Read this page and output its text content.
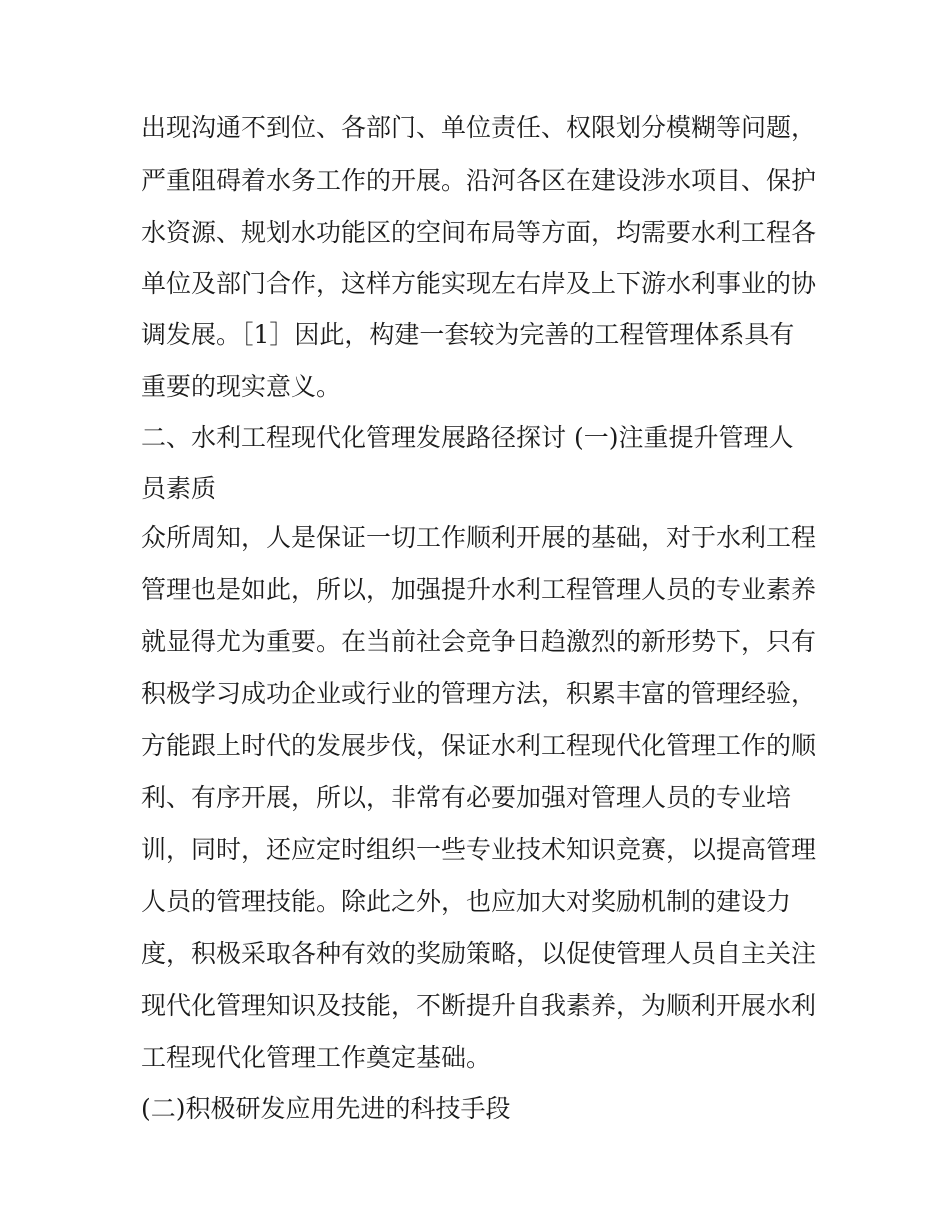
出现沟通不到位、各部门、单位责任、权限划分模糊等问题，

严重阻碍着水务工作的开展。沿河各区在建设涉水项目、保护

水资源、规划水功能区的空间布局等方面，均需要水利工程各

单位及部门合作，这样方能实现左右岸及上下游水利事业的协

调发展。［1］因此，构建一套较为完善的工程管理体系具有

重要的现实意义。

二、水利工程现代化管理发展路径探讨 (一)注重提升管理人

员素质

众所周知，人是保证一切工作顺利开展的基础，对于水利工程

管理也是如此，所以，加强提升水利工程管理人员的专业素养

就显得尤为重要。在当前社会竞争日趋激烈的新形势下，只有

积极学习成功企业或行业的管理方法，积累丰富的管理经验，

方能跟上时代的发展步伐，保证水利工程现代化管理工作的顺

利、有序开展，所以，非常有必要加强对管理人员的专业培

训，同时，还应定时组织一些专业技术知识竞赛，以提高管理

人员的管理技能。除此之外，也应加大对奖励机制的建设力

度，积极采取各种有效的奖励策略，以促使管理人员自主关注

现代化管理知识及技能，不断提升自我素养，为顺利开展水利

工程现代化管理工作奠定基础。

(二)积极研发应用先进的科技手段
